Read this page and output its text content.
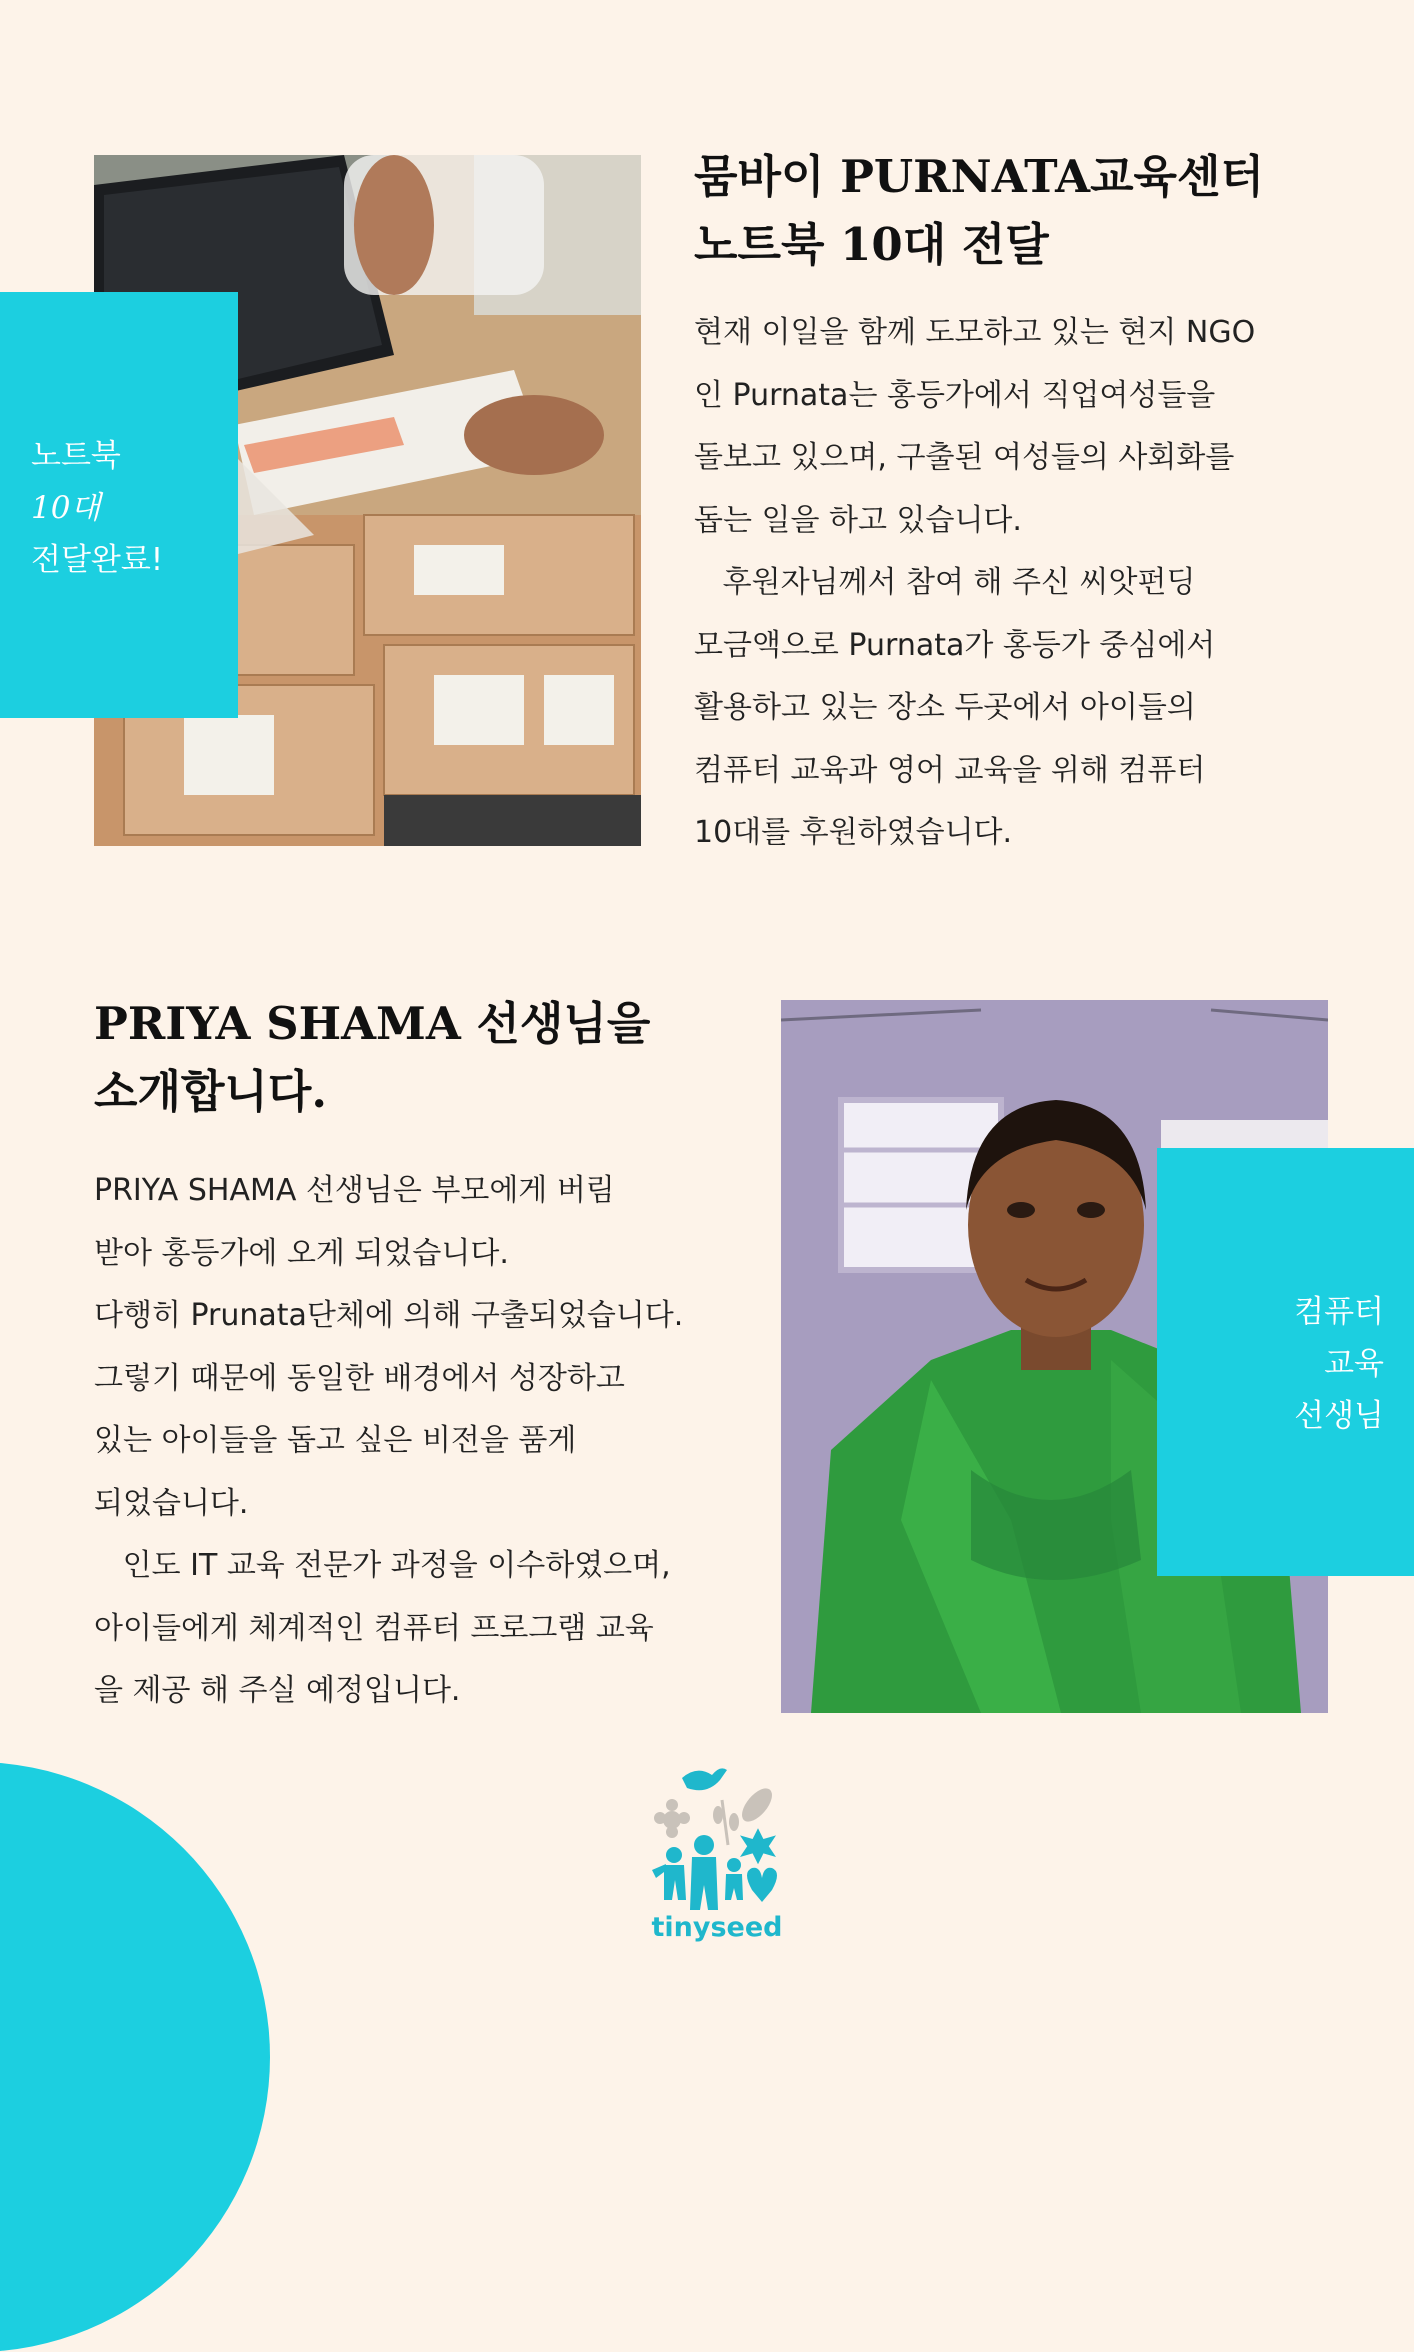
노트북
10대
전달완료!
뭄바이 PURNATA교육센터
노트북 10대 전달
현재 이일을 함께 도모하고 있는 현지 NGO
인 Purnata는 홍등가에서 직업여성들을
돌보고 있으며, 구출된 여성들의 사회화를
돕는 일을 하고 있습니다.
후원자님께서 참여 해 주신 씨앗펀딩
모금액으로 Purnata가 홍등가 중심에서
활용하고 있는 장소 두곳에서 아이들의
컴퓨터 교육과 영어 교육을 위해 컴퓨터
10대를 후원하였습니다.
PRIYA SHAMA 선생님을
소개합니다.
PRIYA SHAMA 선생님은 부모에게 버림
받아 홍등가에 오게 되었습니다.
다행히 Prunata단체에 의해 구출되었습니다.
그렇기 때문에 동일한 배경에서 성장하고
있는 아이들을 돕고 싶은 비전을 품게
되었습니다.
인도 IT 교육 전문가 과정을 이수하였으며,
아이들에게 체계적인 컴퓨터 프로그램 교육
을 제공 해 주실 예정입니다.
컴퓨터
교육
선생님
tinyseed
